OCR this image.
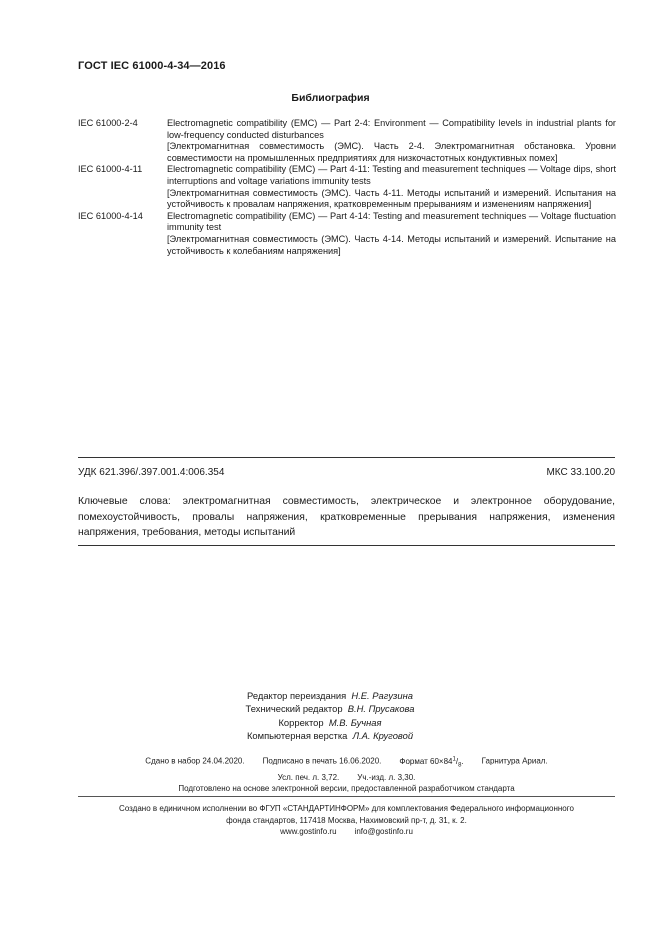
ГОСТ IEC 61000-4-34—2016
Библиография
IEC 61000-2-4	Electromagnetic compatibility (EMC) — Part 2-4: Environment — Compatibility levels in industrial plants for low-frequency conducted disturbances
[Электромагнитная совместимость (ЭМС). Часть 2-4. Электромагнитная обстановка. Уровни совместимости на промышленных предприятиях для низкочастотных кондуктивных помех]
IEC 61000-4-11	Electromagnetic compatibility (EMC) — Part 4-11: Testing and measurement techniques — Voltage dips, short interruptions and voltage variations immunity tests
[Электромагнитная совместимость (ЭМС). Часть 4-11. Методы испытаний и измерений. Испытания на устойчивость к провалам напряжения, кратковременным прерываниям и изменениям напряжения]
IEC 61000-4-14	Electromagnetic compatibility (EMC) — Part 4-14: Testing and measurement techniques — Voltage fluctuation immunity test
[Электромагнитная совместимость (ЭМС). Часть 4-14. Методы испытаний и измерений. Испытание на устойчивость к колебаниям напряжения]
УДК 621.396/.397.001.4:006.354	МКС 33.100.20
Ключевые слова: электромагнитная совместимость, электрическое и электронное оборудование, помехоустойчивость, провалы напряжения, кратковременные прерывания напряжения, изменения напряжения, требования, методы испытаний
Редактор переиздания Н.Е. Рагузина
Технический редактор В.Н. Прусакова
Корректор М.В. Бучная
Компьютерная верстка Л.А. Круговой
Сдано в набор 24.04.2020. Подписано в печать 16.06.2020. Формат $60\times 84^1/_8$. Гарнитура Ариал.
Усл. печ. л. 3,72. Уч.-изд. л. 3,30.
Подготовлено на основе электронной версии, предоставленной разработчиком стандарта
Создано в единичном исполнении во ФГУП «СТАНДАРТИНФОРМ» для комплектования Федерального информационного
фонда стандартов, 117418 Москва, Нахимовский пр-т, д. 31, к. 2.
www.gostinfo.ru info@gostinfo.ru
